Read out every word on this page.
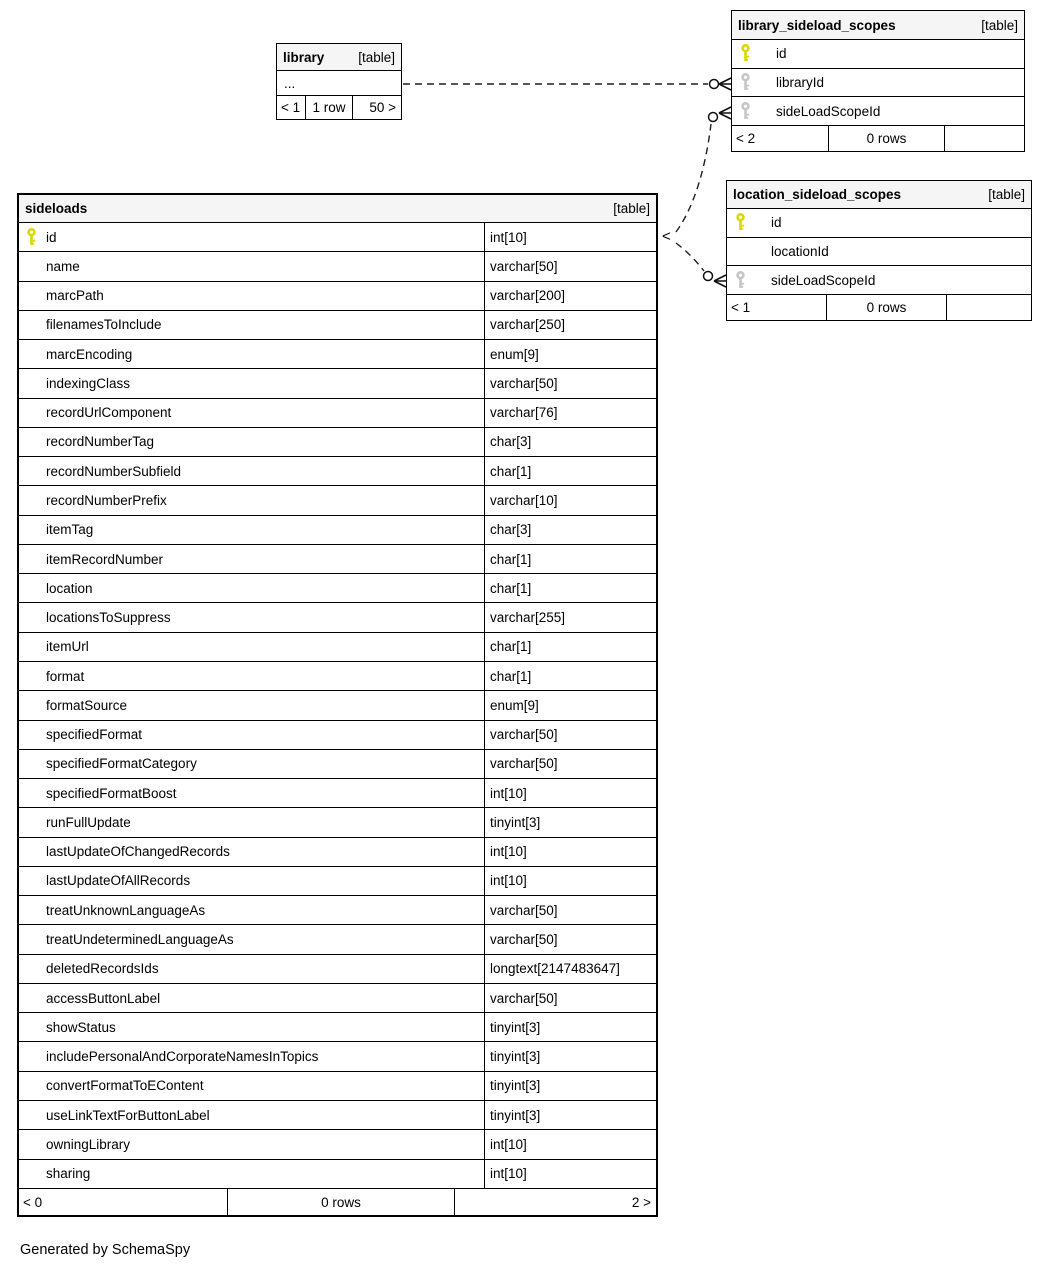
<
library	[table]
...
< 1 1 row	50 >
library_sideload_scopes	[table]
id
libraryId
sideLoadScopeId
< 2	0 rows
location_sideload_scopes	[table]
id
locationId
sideLoadScopeId
< 1	0 rows
sideloads	[table]
id	int[10]
name	varchar[50]
marcPath	varchar[200]
filenamesToInclude	varchar[250]
marcEncoding	enum[9]
indexingClass	varchar[50]
recordUrlComponent	varchar[76]
recordNumberTag	char[3]
recordNumberSubfield	char[1]
recordNumberPrefix	varchar[10]
itemTag	char[3]
itemRecordNumber	char[1]
location	char[1]
locationsToSuppress	varchar[255]
itemUrl	char[1]
format	char[1]
formatSource	enum[9]
specifiedFormat	varchar[50]
specifiedFormatCategory	varchar[50]
specifiedFormatBoost	int[10]
runFullUpdate	tinyint[3]
lastUpdateOfChangedRecords	int[10]
lastUpdateOfAllRecords	int[10]
treatUnknownLanguageAs	varchar[50]
treatUndeterminedLanguageAs	varchar[50]
deletedRecordsIds	longtext[2147483647]
accessButtonLabel	varchar[50]
showStatus	tinyint[3]
includePersonalAndCorporateNamesInTopics	tinyint[3]
convertFormatToEContent	tinyint[3]
useLinkTextForButtonLabel	tinyint[3]
owningLibrary	int[10]
sharing	int[10]
< 0	0 rows	2 >
Generated by SchemaSpy
